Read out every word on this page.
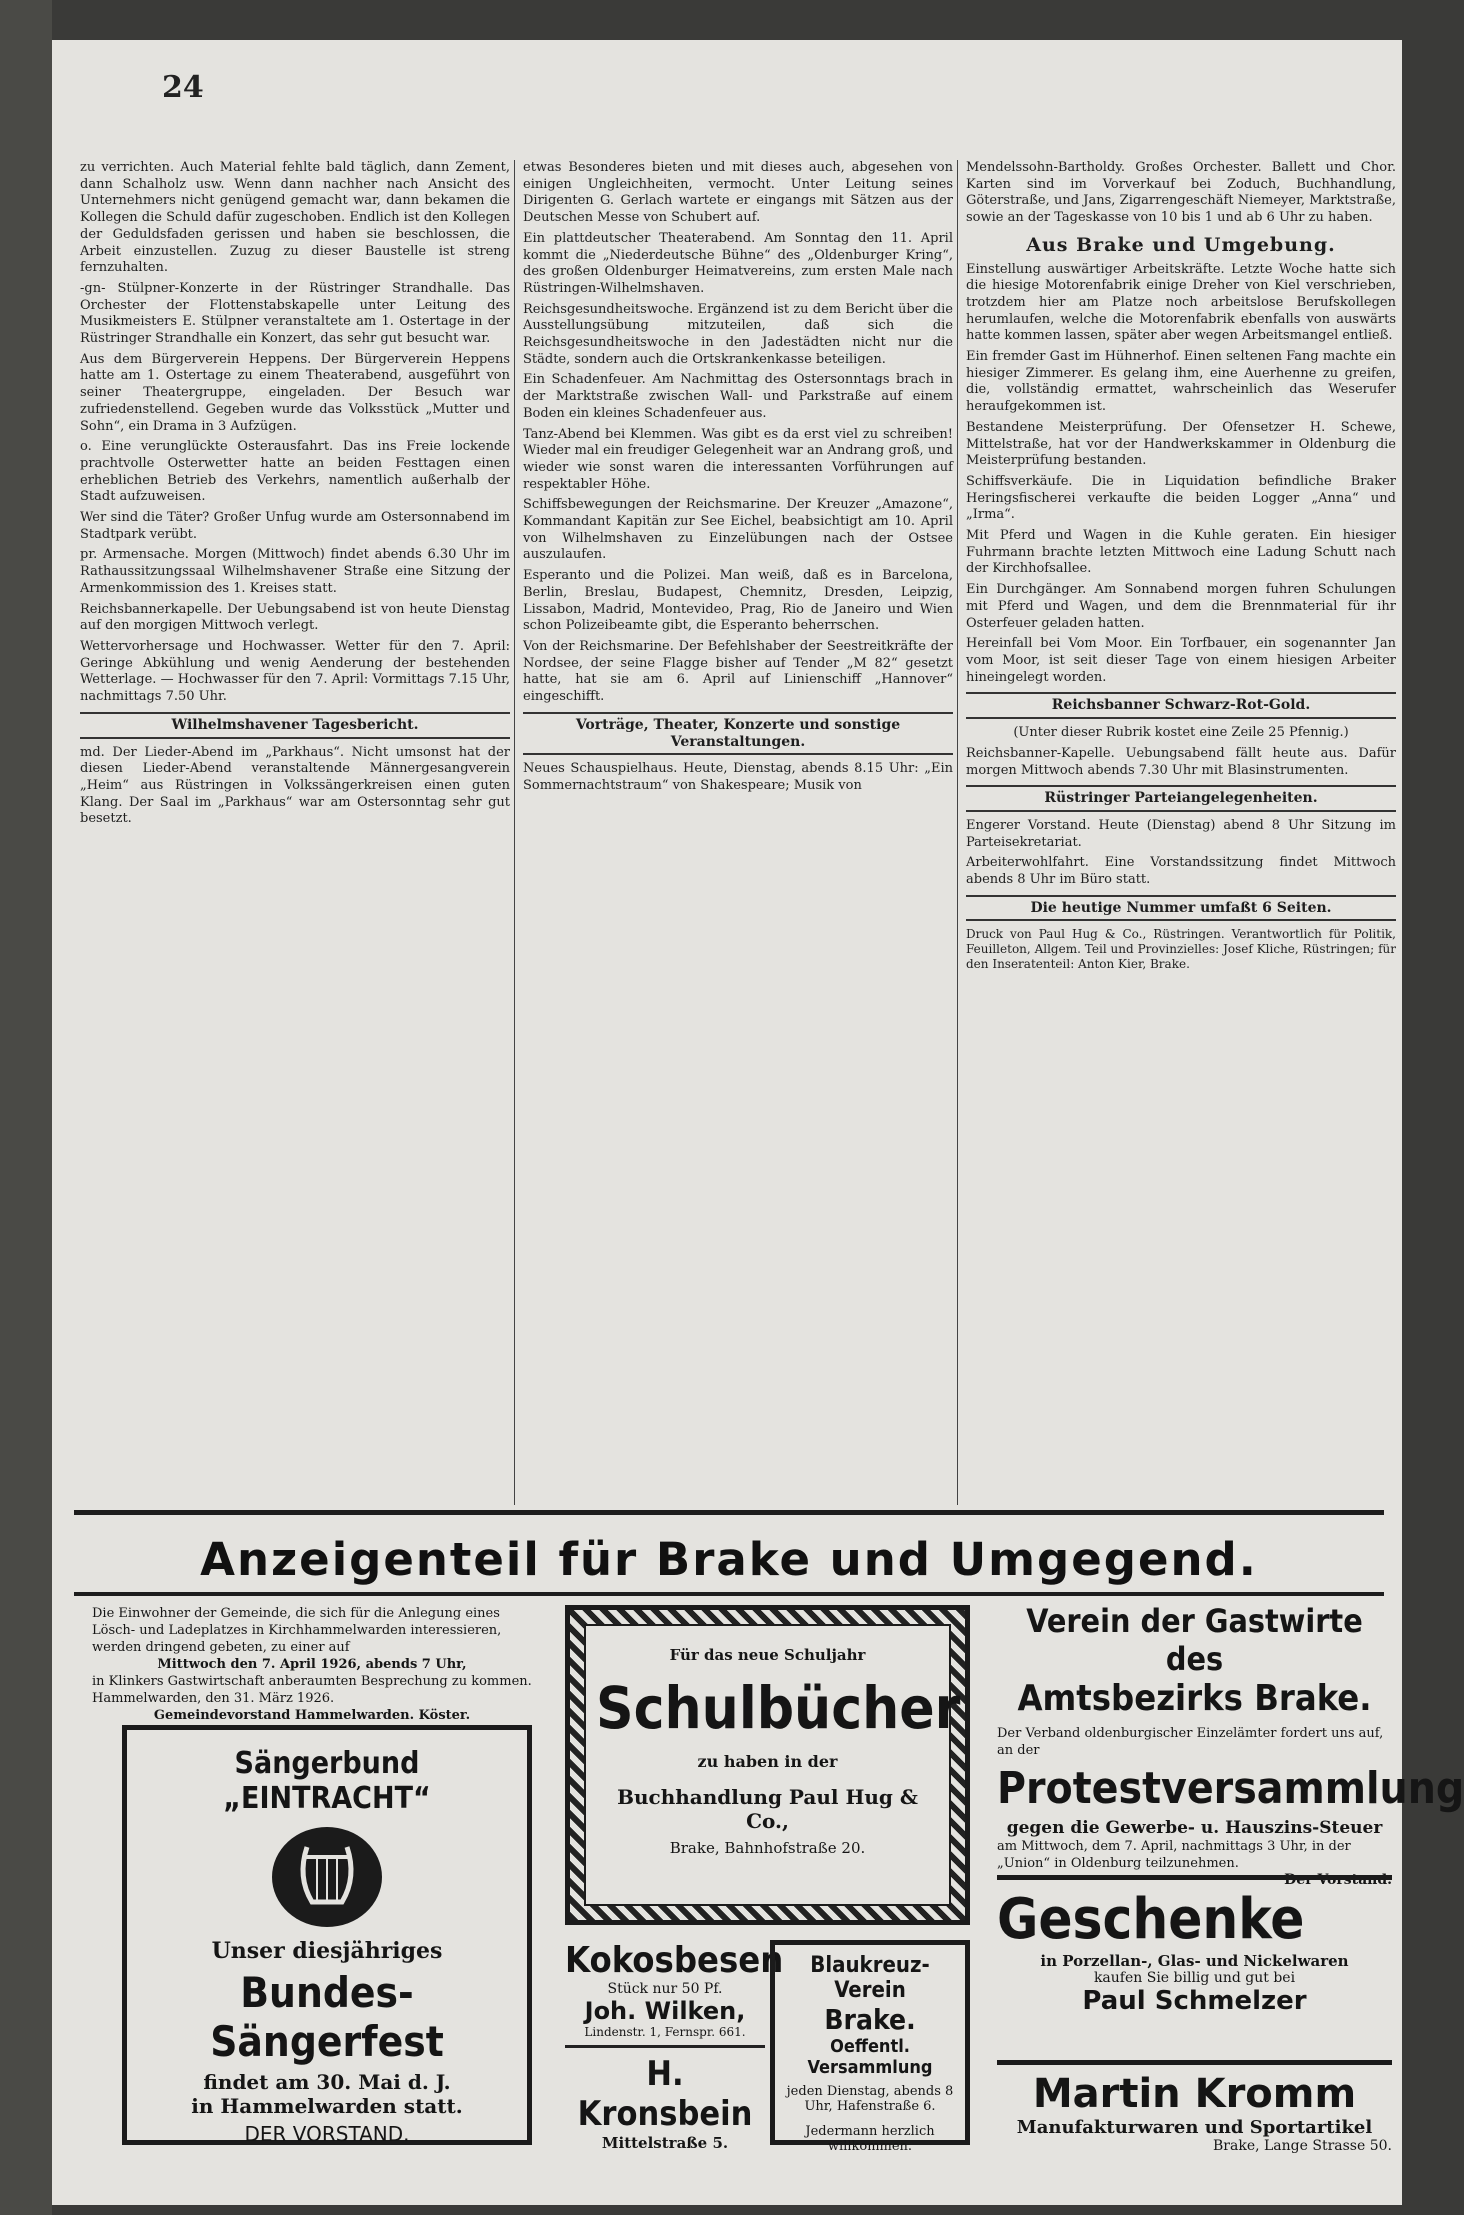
24

zu verrichten. Auch Material fehlte bald täglich, dann Zement, dann Schalholz usw. Wenn dann nachher nach Ansicht des Unternehmers nicht genügend gemacht war, dann bekamen die Kollegen die Schuld dafür zugeschoben. Endlich ist den Kollegen der Geduldsfaden gerissen und haben sie beschlossen, die Arbeit einzustellen. Zuzug zu dieser Baustelle ist streng fernzuhalten.

-gn- Stülpner-Konzerte in der Rüstringer Strandhalle. Das Orchester der Flottenstabskapelle unter Leitung des Musikmeisters E. Stülpner veranstaltete am 1. Ostertage in der Rüstringer Strandhalle ein Konzert, das sehr gut besucht war.

Aus dem Bürgerverein Heppens. Der Bürgerverein Heppens hatte am 1. Ostertage zu einem Theaterabend, ausgeführt von seiner Theatergruppe, eingeladen. Der Besuch war zufriedenstellend. Gegeben wurde das Volksstück „Mutter und Sohn“, ein Drama in 3 Aufzügen.

o. Eine verunglückte Osterausfahrt. Das ins Freie lockende prachtvolle Osterwetter hatte an beiden Festtagen einen erheblichen Betrieb des Verkehrs, namentlich außerhalb der Stadt aufzuweisen.

Wer sind die Täter? Großer Unfug wurde am Ostersonnabend im Stadtpark verübt.

pr. Armensache. Morgen (Mittwoch) findet abends 6.30 Uhr im Rathaussitzungssaal Wilhelmshavener Straße eine Sitzung der Armenkommission des 1. Kreises statt.

Reichsbannerkapelle. Der Uebungsabend ist von heute Dienstag auf den morgigen Mittwoch verlegt.

Wettervorhersage und Hochwasser. Wetter für den 7. April: Geringe Abkühlung und wenig Aenderung der bestehenden Wetterlage. — Hochwasser für den 7. April: Vormittags 7.15 Uhr, nachmittags 7.50 Uhr.

Wilhelmshavener Tagesbericht.

md. Der Lieder-Abend im „Parkhaus“. Nicht umsonst hat der diesen Lieder-Abend veranstaltende Männergesangverein „Heim“ aus Rüstringen in Volkssängerkreisen einen guten Klang. Der Saal im „Parkhaus“ war am Ostersonntag sehr gut besetzt.

etwas Besonderes bieten und mit dieses auch, abgesehen von einigen Ungleichheiten, vermocht. Unter Leitung seines Dirigenten G. Gerlach wartete er eingangs mit Sätzen aus der Deutschen Messe von Schubert auf.

Ein plattdeutscher Theaterabend. Am Sonntag den 11. April kommt die „Niederdeutsche Bühne“ des „Oldenburger Kring“, des großen Oldenburger Heimatvereins, zum ersten Male nach Rüstringen-Wilhelmshaven.

Reichsgesundheitswoche. Ergänzend ist zu dem Bericht über die Ausstellungsübung mitzuteilen, daß sich die Reichsgesundheitswoche in den Jadestädten nicht nur die Städte, sondern auch die Ortskrankenkasse beteiligen.

Ein Schadenfeuer. Am Nachmittag des Ostersonntags brach in der Marktstraße zwischen Wall- und Parkstraße auf einem Boden ein kleines Schadenfeuer aus.

Tanz-Abend bei Klemmen. Was gibt es da erst viel zu schreiben! Wieder mal ein freudiger Gelegenheit war an Andrang groß, und wieder wie sonst waren die interessanten Vorführungen auf respektabler Höhe.

Schiffsbewegungen der Reichsmarine. Der Kreuzer „Amazone“, Kommandant Kapitän zur See Eichel, beabsichtigt am 10. April von Wilhelmshaven zu Einzelübungen nach der Ostsee auszulaufen.

Esperanto und die Polizei. Man weiß, daß es in Barcelona, Berlin, Breslau, Budapest, Chemnitz, Dresden, Leipzig, Lissabon, Madrid, Montevideo, Prag, Rio de Janeiro und Wien schon Polizeibeamte gibt, die Esperanto beherrschen.

Von der Reichsmarine. Der Befehlshaber der Seestreitkräfte der Nordsee, der seine Flagge bisher auf Tender „M 82“ gesetzt hatte, hat sie am 6. April auf Linienschiff „Hannover“ eingeschifft.

Vorträge, Theater, Konzerte und sonstige Veranstaltungen.

Neues Schauspielhaus. Heute, Dienstag, abends 8.15 Uhr: „Ein Sommernachtstraum“ von Shakespeare; Musik von

Mendelssohn-Bartholdy. Großes Orchester. Ballett und Chor. Karten sind im Vorverkauf bei Zoduch, Buchhandlung, Göterstraße, und Jans, Zigarrengeschäft Niemeyer, Marktstraße, sowie an der Tageskasse von 10 bis 1 und ab 6 Uhr zu haben.

Aus Brake und Umgebung.

Einstellung auswärtiger Arbeitskräfte. Letzte Woche hatte sich die hiesige Motorenfabrik einige Dreher von Kiel verschrieben, trotzdem hier am Platze noch arbeitslose Berufskollegen herumlaufen, welche die Motorenfabrik ebenfalls von auswärts hatte kommen lassen, später aber wegen Arbeitsmangel entließ.

Ein fremder Gast im Hühnerhof. Einen seltenen Fang machte ein hiesiger Zimmerer. Es gelang ihm, eine Auerhenne zu greifen, die, vollständig ermattet, wahrscheinlich das Weserufer heraufgekommen ist.

Bestandene Meisterprüfung. Der Ofensetzer H. Schewe, Mittelstraße, hat vor der Handwerkskammer in Oldenburg die Meisterprüfung bestanden.

Schiffsverkäufe. Die in Liquidation befindliche Braker Heringsfischerei verkaufte die beiden Logger „Anna“ und „Irma“.

Mit Pferd und Wagen in die Kuhle geraten. Ein hiesiger Fuhrmann brachte letzten Mittwoch eine Ladung Schutt nach der Kirchhofsallee.

Ein Durchgänger. Am Sonnabend morgen fuhren Schulungen mit Pferd und Wagen, und dem die Brennmaterial für ihr Osterfeuer geladen hatten.

Hereinfall bei Vom Moor. Ein Torfbauer, ein sogenannter Jan vom Moor, ist seit dieser Tage von einem hiesigen Arbeiter hineingelegt worden.

Reichsbanner Schwarz-Rot-Gold.

(Unter dieser Rubrik kostet eine Zeile 25 Pfennig.)

Reichsbanner-Kapelle. Uebungsabend fällt heute aus. Dafür morgen Mittwoch abends 7.30 Uhr mit Blasinstrumenten.

Rüstringer Parteiangelegenheiten.

Engerer Vorstand. Heute (Dienstag) abend 8 Uhr Sitzung im Parteisekretariat.

Arbeiterwohlfahrt. Eine Vorstandssitzung findet Mittwoch abends 8 Uhr im Büro statt.

Die heutige Nummer umfaßt 6 Seiten.

Druck von Paul Hug & Co., Rüstringen. Verantwortlich für Politik, Feuilleton, Allgem. Teil und Provinzielles: Josef Kliche, Rüstringen; für den Inseratenteil: Anton Kier, Brake.

Anzeigenteil für Brake und Umgegend.
Die Einwohner der Gemeinde, die sich für die Anlegung eines Lösch- und Ladeplatzes in Kirchhammelwarden interessieren, werden dringend gebeten, zu einer auf
Mittwoch den 7. April 1926, abends 7 Uhr,
in Klinkers Gastwirtschaft anberaumten Besprechung zu kommen.
Hammelwarden, den 31. März 1926.
Gemeindevorstand Hammelwarden. Köster.
Sängerbund „EINTRACHT“
Unser diesjähriges
Bundes-Sängerfest
findet am 30. Mai d. J.
in Hammelwarden statt.
DER VORSTAND.
Für das neue Schuljahr
Schulbücher
zu haben in der
Buchhandlung Paul Hug & Co.,
Brake, Bahnhofstraße 20.
Kokosbesen
Stück nur 50 Pf.
Joh. Wilken,
Lindenstr. 1, Fernspr. 661.
H. Kronsbein
Mittelstraße 5.
Blaukreuz-Verein
Brake.
Oeffentl. Versammlung
jeden Dienstag, abends 8 Uhr, Hafenstraße 6.
Jedermann herzlich willkommen.
Verein der Gastwirte des
Amtsbezirks Brake.
Der Verband oldenburgischer Einzelämter fordert uns auf, an der
Protestversammlung
gegen die Gewerbe- u. Hauszins-Steuer
am Mittwoch, dem 7. April, nachmittags 3 Uhr, in der „Union“ in Oldenburg teilzunehmen.
Der Vorstand.
Geschenke
in Porzellan-, Glas- und Nickelwaren
kaufen Sie billig und gut bei
Paul Schmelzer
Martin Kromm
Manufakturwaren und Sportartikel
Brake, Lange Strasse 50.
